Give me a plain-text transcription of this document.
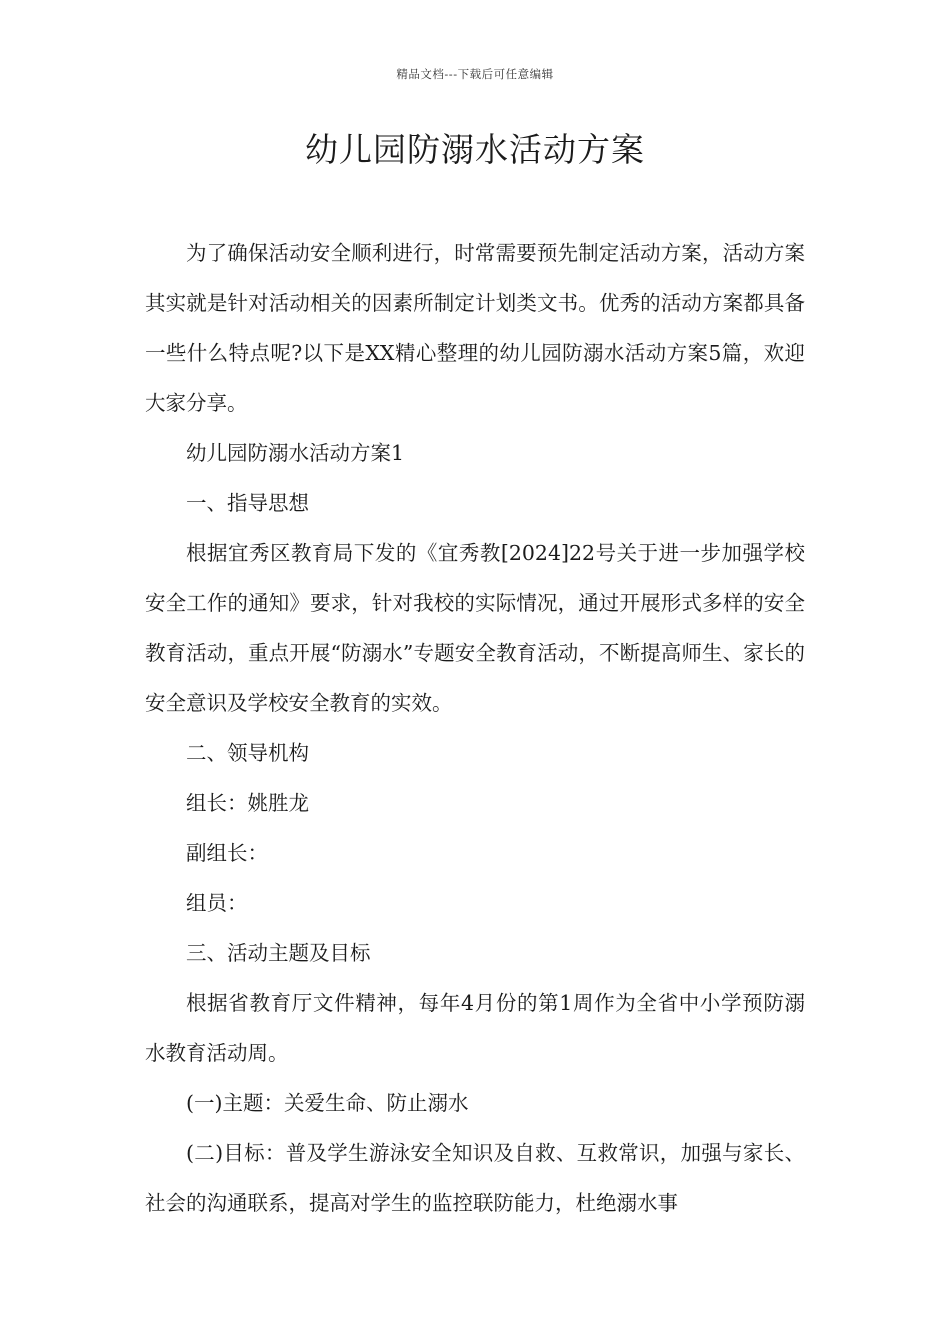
精品文档---下载后可任意编辑
幼儿园防溺水活动方案

为了确保活动安全顺利进行，时常需要预先制定活动方案，活动方案其实就是针对活动相关的因素所制定计划类文书。优秀的活动方案都具备一些什么特点呢?以下是XX精心整理的幼儿园防溺水活动方案5篇，欢迎大家分享。

幼儿园防溺水活动方案1

一、指导思想

根据宜秀区教育局下发的《宜秀教[2024]22号关于进一步加强学校安全工作的通知》要求，针对我校的实际情况，通过开展形式多样的安全教育活动，重点开展“防溺水”专题安全教育活动，不断提高师生、家长的安全意识及学校安全教育的实效。

二、领导机构

组长：姚胜龙

副组长：

组员：

三、活动主题及目标

根据省教育厅文件精神，每年4月份的第1周作为全省中小学预防溺水教育活动周。

(一)主题：关爱生命、防止溺水

(二)目标：普及学生游泳安全知识及自救、互救常识，加强与家长、社会的沟通联系，提高对学生的监控联防能力，杜绝溺水事
